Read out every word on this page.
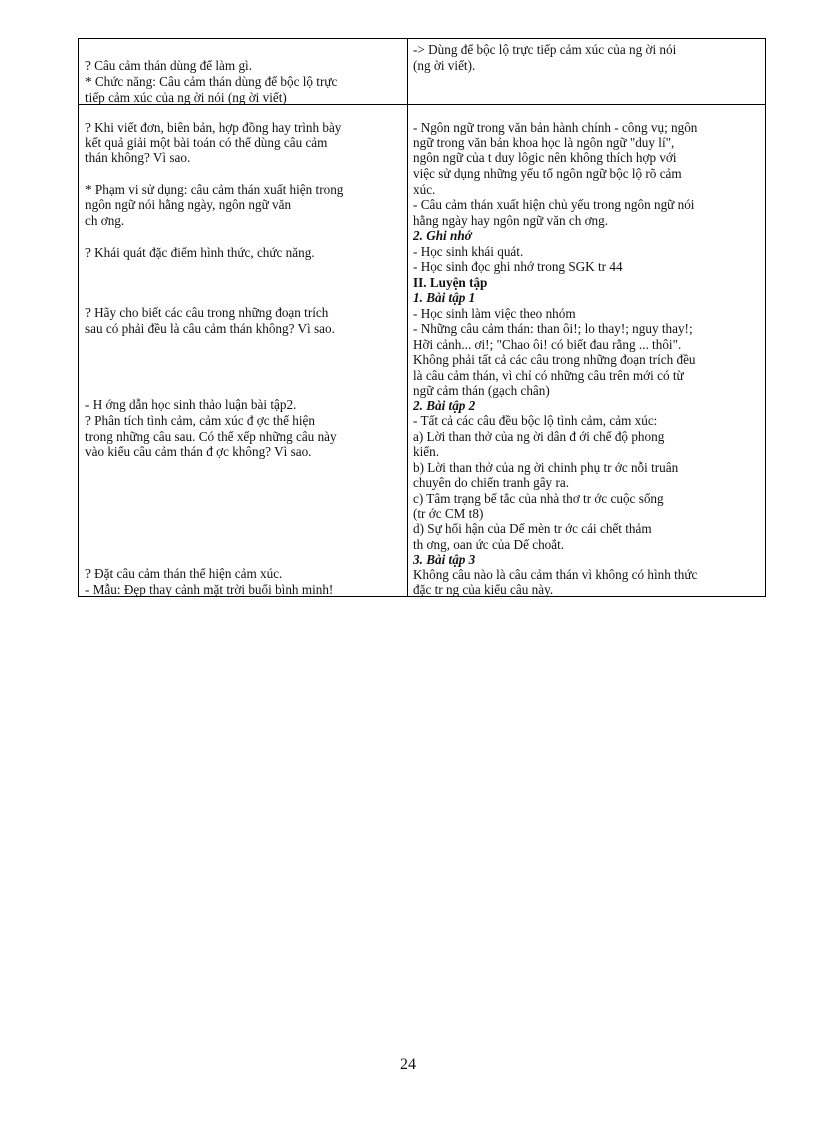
? Câu cảm thán dùng để làm gì.
* Chức năng: Câu cảm thán dùng để bộc lộ trực
tiếp cảm xúc của ng ời nói (ng ời viết)
? Khi viết đơn, biên bản, hợp đồng hay trình bày
kết quả giải một bài toán có thể dùng câu cảm
thán không? Vì sao.
* Phạm vi sử dụng: câu cảm thán xuất hiện trong
ngôn ngữ nói hằng ngày, ngôn ngữ văn
ch ơng.
? Khái quát đặc điểm hình thức, chức năng.
? Hãy cho biết các câu trong những đoạn trích
sau có phải đều là câu cảm thán không? Vì sao.
- H ớng dẫn học sinh thảo luận bài tập2.
? Phân tích tình cảm, cảm xúc đ ợc thể hiện
trong những câu sau. Có thể xếp những câu này
vào kiểu câu cảm thán đ ợc không? Vì sao.
? Đặt câu cảm thán thể hiện cảm xúc.
- Mẫu: Đẹp thay cảnh mặt trời buổi bình minh!
-> Dùng để bộc lộ trực tiếp cảm xúc của ng ời nói
(ng ời viết).
- Ngôn ngữ trong văn bản hành chính - công vụ; ngôn
ngữ trong văn bản khoa học là ngôn ngữ "duy lí",
ngôn ngữ của t duy lôgic nên không thích hợp với
việc sử dụng những yếu tố ngôn ngữ bộc lộ rõ cảm
xúc.
- Câu cảm thán xuất hiện chủ yếu trong ngôn ngữ nói
hằng ngày hay ngôn ngữ văn ch ơng.
2. Ghi nhớ
- Học sinh khái quát.
- Học sinh đọc ghi nhớ trong SGK tr 44
II. Luyện tập
1. Bài tập 1
- Học sinh làm việc theo nhóm
- Những câu cảm thán: than ôi!; lo thay!; nguy thay!;
Hỡi cảnh... ơi!; "Chao ôi! có biết đau rằng ... thôi".
Không phải tất cả các câu trong những đoạn trích đều
là câu cảm thán, vì chỉ có những câu trên mới có từ
ngữ cảm thán (gạch chân)
2. Bài tập 2
- Tất cả các câu đều bộc lộ tình cảm, cảm xúc:
a) Lời than thở của ng ời dân đ ới chế độ phong
kiến.
b) Lời than thở của ng ời chinh phụ tr ớc nỗi truân
chuyên do chiến tranh gây ra.
c) Tâm trạng bế tắc của nhà thơ tr ớc cuộc sống
(tr ớc CM t8)
d) Sự hối hận của Dế mèn tr ớc cái chết thảm
th ơng, oan ức của Dế choắt.
3. Bài tập 3
Không câu nào là câu cảm thán vì không có hình thức
đặc tr ng của kiểu câu này.
24
